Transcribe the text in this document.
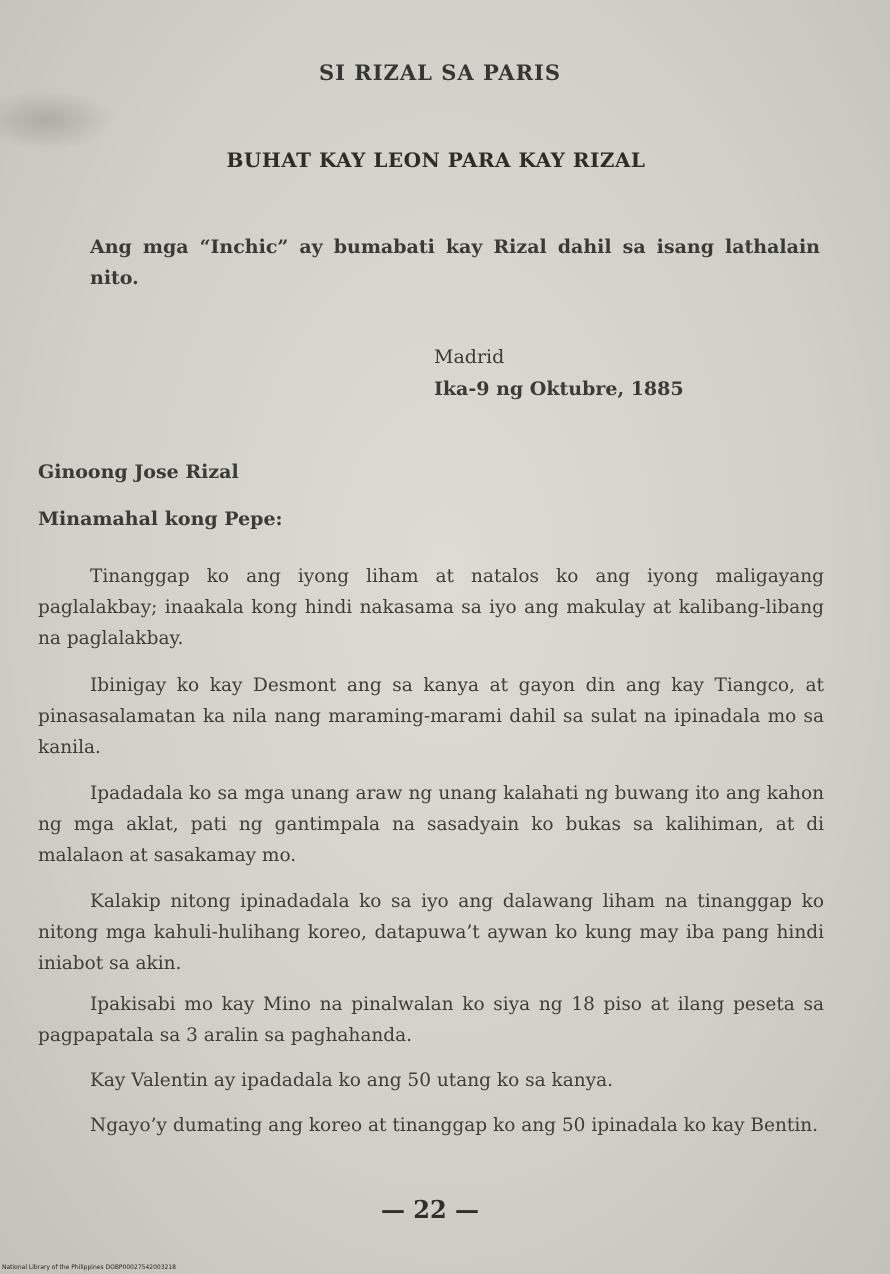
SI RIZAL SA PARIS
BUHAT KAY LEON PARA KAY RIZAL

Ang mga “Inchic” ay bumabati kay Rizal dahil sa isang lathalain nito.

Madrid
Ika-9 ng Oktubre, 1885
Ginoong Jose Rizal
Minamahal kong Pepe:

Tinanggap ko ang iyong liham at natalos ko ang iyong maligayang paglalakbay; inaakala kong hindi nakasama sa iyo ang makulay at kalibang-libang na paglalakbay.

Ibinigay ko kay Desmont ang sa kanya at gayon din ang kay Tiangco, at pinasasalamatan ka nila nang maraming-marami dahil sa sulat na ipinadala mo sa kanila.

Ipadadala ko sa mga unang araw ng unang kalahati ng buwang ito ang kahon ng mga aklat, pati ng gantimpala na sasadyain ko bukas sa kalihiman, at di malalaon at sasakamay mo.

Kalakip nitong ipinadadala ko sa iyo ang dalawang liham na tinanggap ko nitong mga kahuli-hulihang koreo, datapuwa’t aywan ko kung may iba pang hindi iniabot sa akin.

Ipakisabi mo kay Mino na pinalwalan ko siya ng 18 piso at ilang peseta sa pagpapatala sa 3 aralin sa paghahanda.

Kay Valentin ay ipadadala ko ang 50 utang ko sa kanya.

Ngayo’y dumating ang koreo at tinanggap ko ang 50 ipinadala ko kay Bentin.

— 22 —
National Library of the Philippines DOBP00027542003218
